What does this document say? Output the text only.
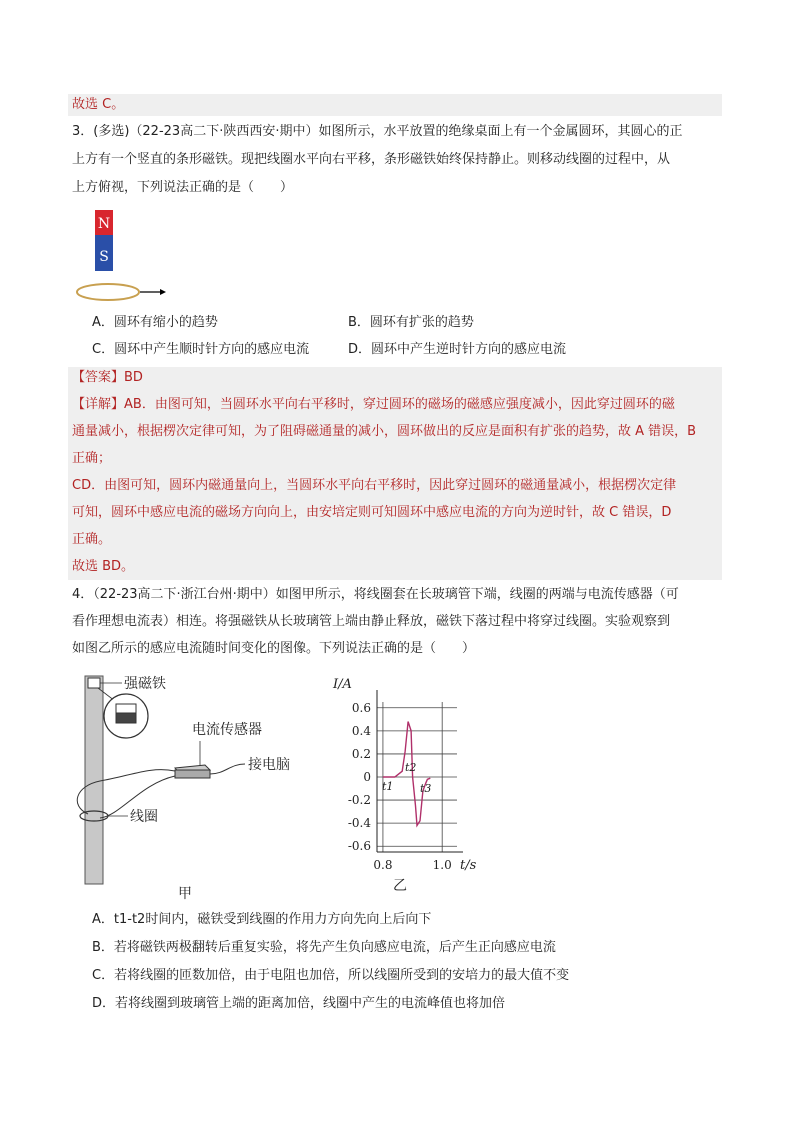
故选 C。
3．(多选)（22-23高二下·陕西西安·期中）如图所示，水平放置的绝缘桌面上有一个金属圆环，其圆心的正
上方有一个竖直的条形磁铁。现把线圈水平向右平移，条形磁铁始终保持静止。则移动线圈的过程中，从
上方俯视，下列说法正确的是（　　）
N
S
A．圆环有缩小的趋势	B．圆环有扩张的趋势
C．圆环中产生顺时针方向的感应电流	D．圆环中产生逆时针方向的感应电流
【答案】BD
【详解】AB．由图可知，当圆环水平向右平移时，穿过圆环的磁场的磁感应强度减小，因此穿过圆环的磁
通量减小，根据楞次定律可知，为了阻碍磁通量的减小，圆环做出的反应是面积有扩张的趋势，故 A 错误，B
正确；
CD．由图可知，圆环内磁通量向上，当圆环水平向右平移时，因此穿过圆环的磁通量减小，根据楞次定律
可知，圆环中感应电流的磁场方向向上，由安培定则可知圆环中感应电流的方向为逆时针，故 C 错误，D
正确。
故选 BD。
4．（22-23高二下·浙江台州·期中）如图甲所示，将线圈套在长玻璃管下端，线圈的两端与电流传感器（可
看作理想电流表）相连。将强磁铁从长玻璃管上端由静止释放，磁铁下落过程中将穿过线圈。实验观察到
如图乙所示的感应电流随时间变化的图像。下列说法正确的是（　　）
强磁铁
线圈
电流传感器
接电脑
甲
I/A
t/s
乙
0.6
0.4
0.2
0
-0.2
-0.4
-0.6
0.8	1.0
t1
t2
t3
A．t1-t2时间内，磁铁受到线圈的作用力方向先向上后向下
B．若将磁铁两极翻转后重复实验，将先产生负向感应电流，后产生正向感应电流
C．若将线圈的匝数加倍，由于电阻也加倍，所以线圈所受到的安培力的最大值不变
D．若将线圈到玻璃管上端的距离加倍，线圈中产生的电流峰值也将加倍
